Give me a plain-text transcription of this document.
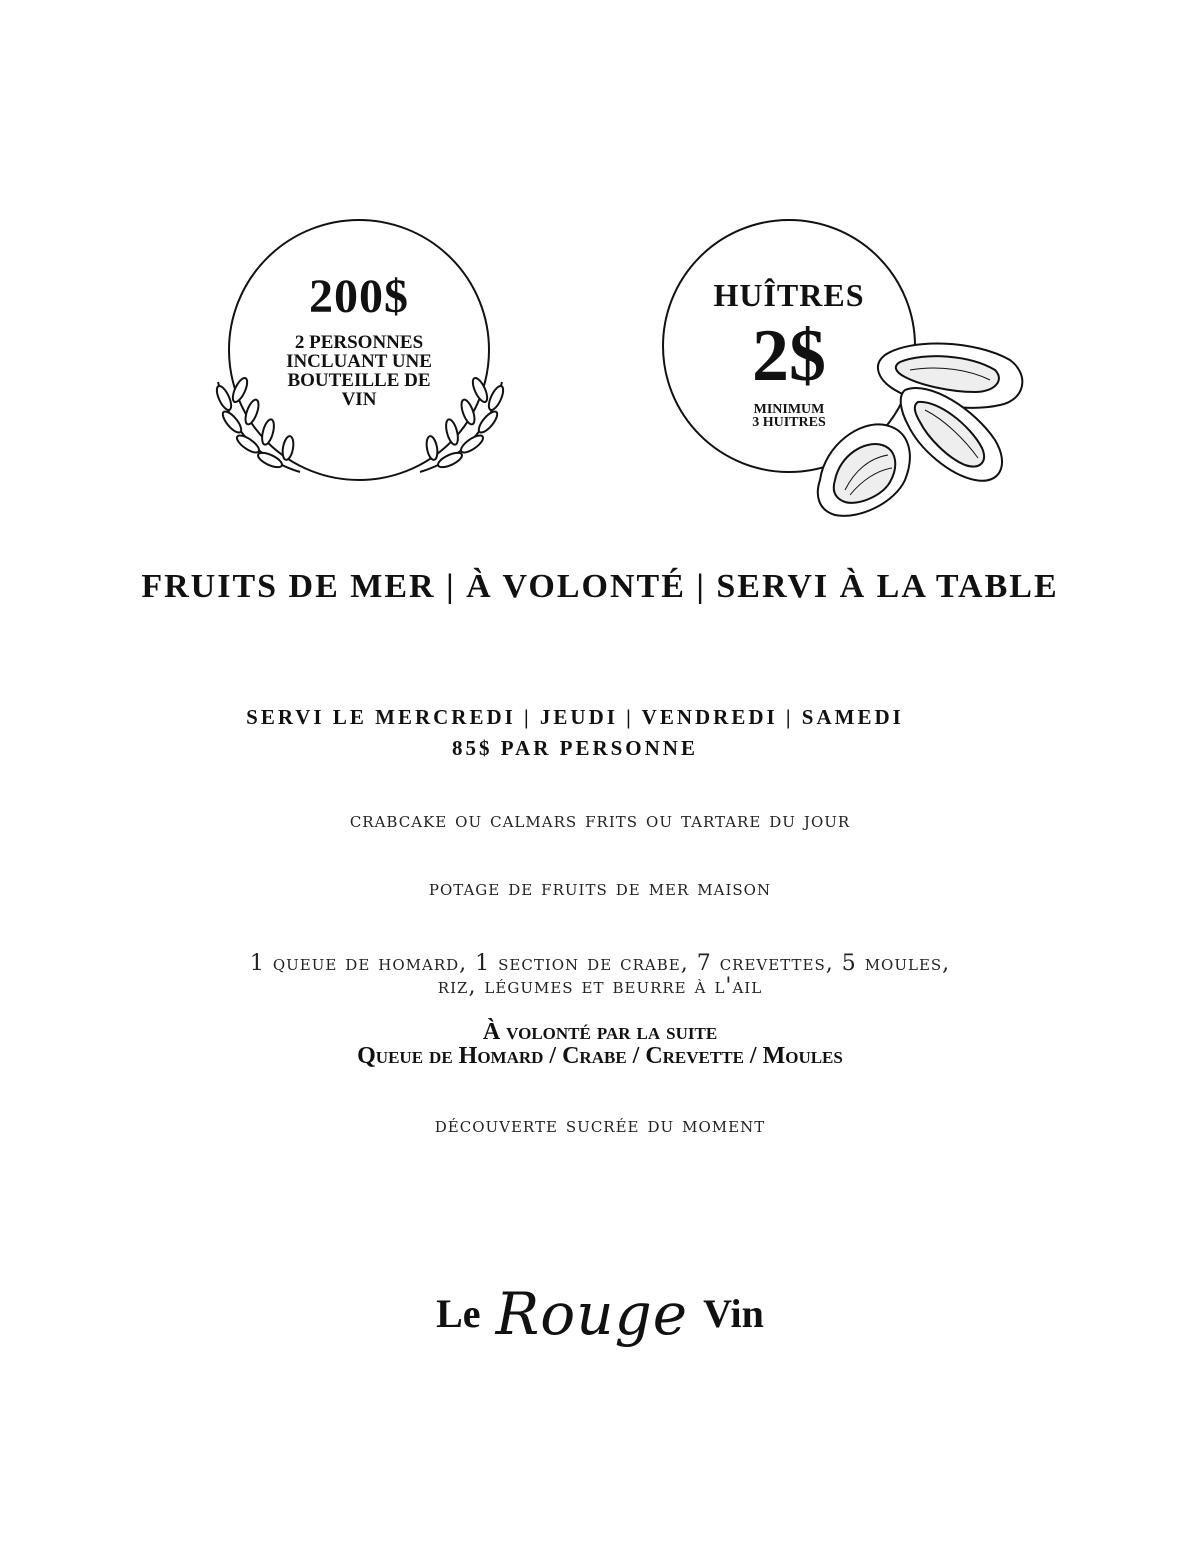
200$
2 PERSONNES
INCLUANT UNE
BOUTEILLE DE
VIN
HUÎTRES
2$
MINIMUM
3 HUITRES
FRUITS DE MER | À VOLONTÉ | SERVI À LA TABLE
SERVI LE MERCREDI | JEUDI | VENDREDI | SAMEDI
85$ PAR PERSONNE
crabcake ou calmars frits ou tartare du jour
potage de fruits de mer maison
1 queue de homard, 1 section de crabe, 7 crevettes, 5 moules,
riz, légumes et beurre à l'ail
À volonté par la suite
Queue de Homard / Crabe / Crevette / Moules
découverte sucrée du moment
Le Rouge Vin
